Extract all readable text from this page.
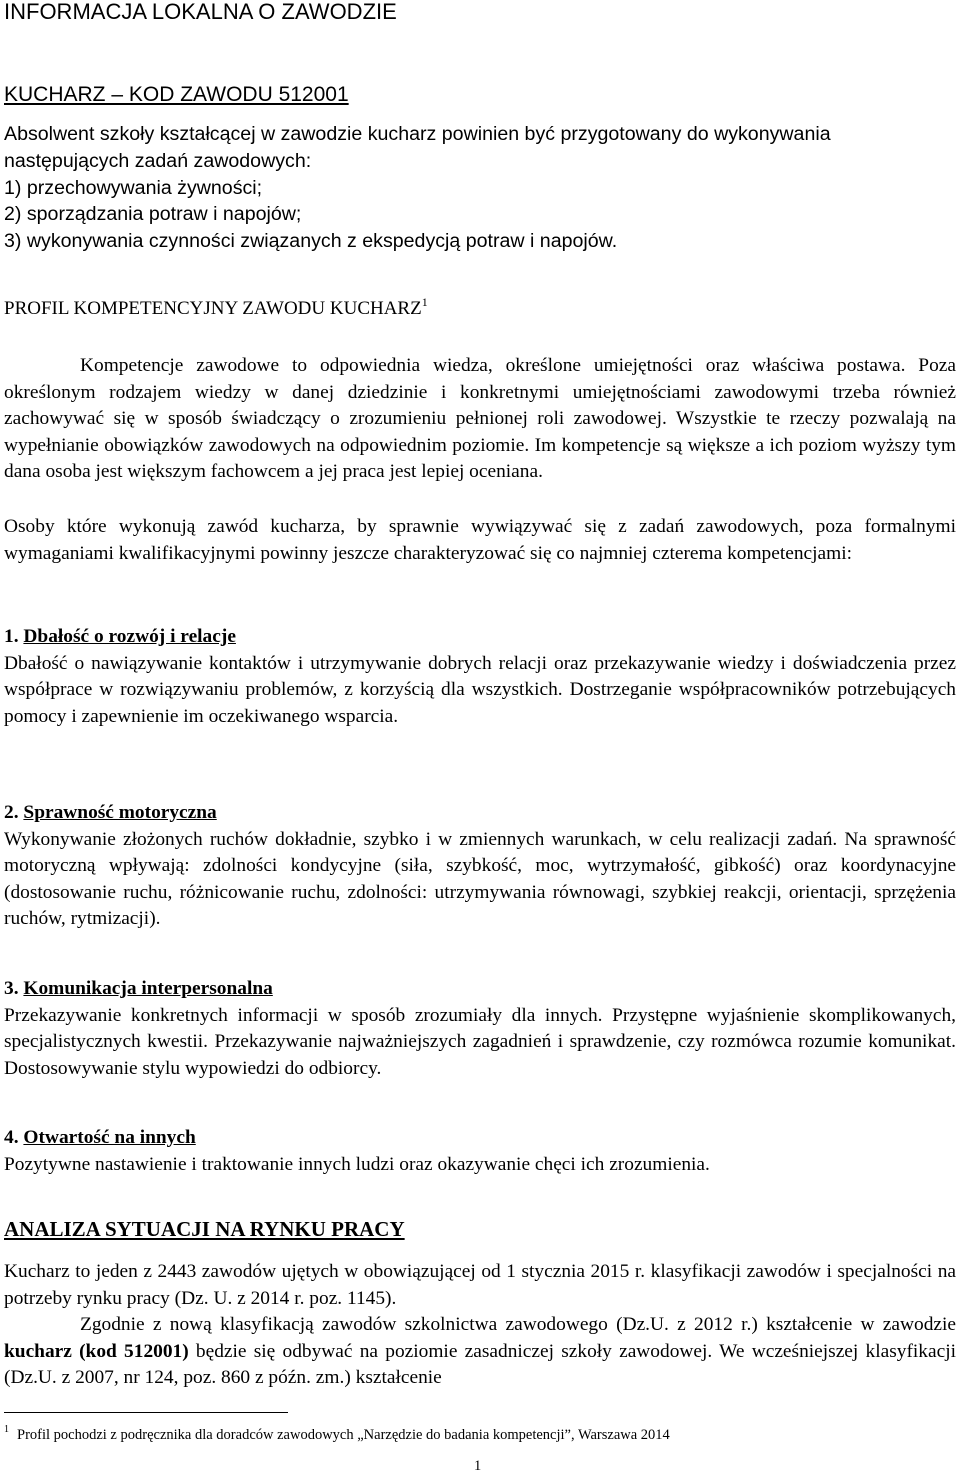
INFORMACJA LOKALNA O ZAWODZIE
KUCHARZ – KOD ZAWODU 512001
Absolwent szkoły kształcącej w zawodzie kucharz powinien być przygotowany do wykonywania
następujących zadań zawodowych:
1) przechowywania żywności;
2) sporządzania potraw i napojów;
3) wykonywania czynności związanych z ekspedycją potraw i napojów.
PROFIL KOMPETENCYJNY ZAWODU KUCHARZ$^1$

Kompetencje zawodowe to odpowiednia wiedza, określone umiejętności oraz właściwa postawa. Poza określonym rodzajem wiedzy w danej dziedzinie i konkretnymi umiejętnościami zawodowymi trzeba również zachowywać się w sposób świadczący o zrozumieniu pełnionej roli zawodowej. Wszystkie te rzeczy pozwalają na wypełnianie obowiązków zawodowych na odpowiednim poziomie. Im kompetencje są większe a ich poziom wyższy tym dana osoba jest większym fachowcem a jej praca jest lepiej oceniana.

Osoby które wykonują zawód kucharza, by sprawnie wywiązywać się z zadań zawodowych, poza formalnymi wymaganiami kwalifikacyjnymi powinny jeszcze charakteryzować się co najmniej czterema kompetencjami:

1. Dbałość o rozwój i relacje
Dbałość o nawiązywanie kontaktów i utrzymywanie dobrych relacji oraz przekazywanie wiedzy i doświadczenia przez współprace w rozwiązywaniu problemów, z korzyścią dla wszystkich. Dostrzeganie współpracowników potrzebujących pomocy i zapewnienie im oczekiwanego wsparcia.
2. Sprawność motoryczna
Wykonywanie złożonych ruchów dokładnie, szybko i w zmiennych warunkach, w celu realizacji zadań. Na sprawność motoryczną wpływają: zdolności kondycyjne (siła, szybkość, moc, wytrzymałość, gibkość) oraz koordynacyjne (dostosowanie ruchu, różnicowanie ruchu, zdolności: utrzymywania równowagi, szybkiej reakcji, orientacji, sprzężenia ruchów, rytmizacji).
3. Komunikacja interpersonalna
Przekazywanie konkretnych informacji w sposób zrozumiały dla innych. Przystępne wyjaśnienie skomplikowanych, specjalistycznych kwestii. Przekazywanie najważniejszych zagadnień i sprawdzenie, czy rozmówca rozumie komunikat. Dostosowywanie stylu wypowiedzi do odbiorcy.
4. Otwartość na innych
Pozytywne nastawienie i traktowanie innych ludzi oraz okazywanie chęci ich zrozumienia.
ANALIZA SYTUACJI NA RYNKU PRACY
Kucharz to jeden z 2443 zawodów ujętych w obowiązującej od 1 stycznia 2015 r. klasyfikacji zawodów i specjalności na potrzeby rynku pracy (Dz. U. z 2014 r. poz. 1145).
Zgodnie z nową klasyfikacją zawodów szkolnictwa zawodowego (Dz.U. z 2012 r.) kształcenie w zawodzie kucharz (kod 512001) będzie się odbywać na poziomie zasadniczej szkoły zawodowej. We wcześniejszej klasyfikacji (Dz.U. z 2007, nr 124, poz. 860 z późn. zm.) kształcenie
$^1$ Profil pochodzi z podręcznika dla doradców zawodowych „Narzędzie do badania kompetencji”, Warszawa 2014
1
